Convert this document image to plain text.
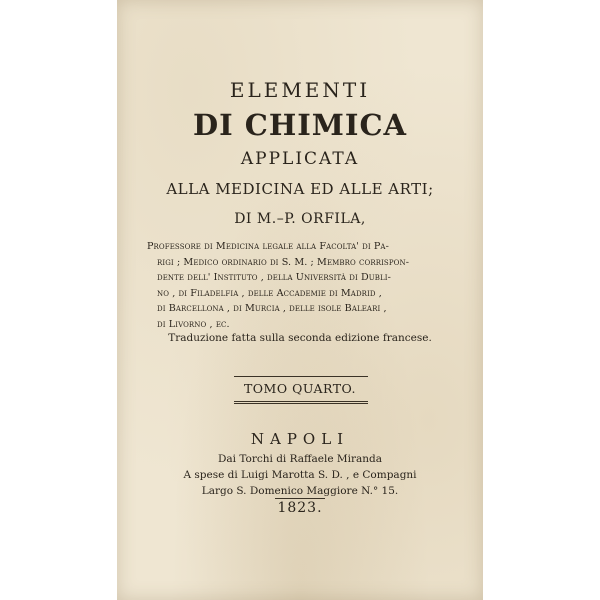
ELEMENTI
DI CHIMICA
APPLICATA
ALLA MEDICINA ED ALLE ARTI;
DI M.–P. ORFILA,
Professore di Medicina legale alla Facolta' di Pa-
rigi ; Medico ordinario di S. M. ; Membro corrispon-
dente dell' Instituto , della Università di Dubli-
no , di Filadelfia , delle Accademie di Madrid ,
di Barcellona , di Murcia , delle isole Baleari ,
di Livorno , ec.
Traduzione fatta sulla seconda edizione francese.
TOMO QUARTO.
NAPOLI
Dai Torchi di Raffaele Miranda
A spese di Luigi Marotta S. D. , e Compagni
Largo S. Domenico Maggiore N.° 15.
1823.
